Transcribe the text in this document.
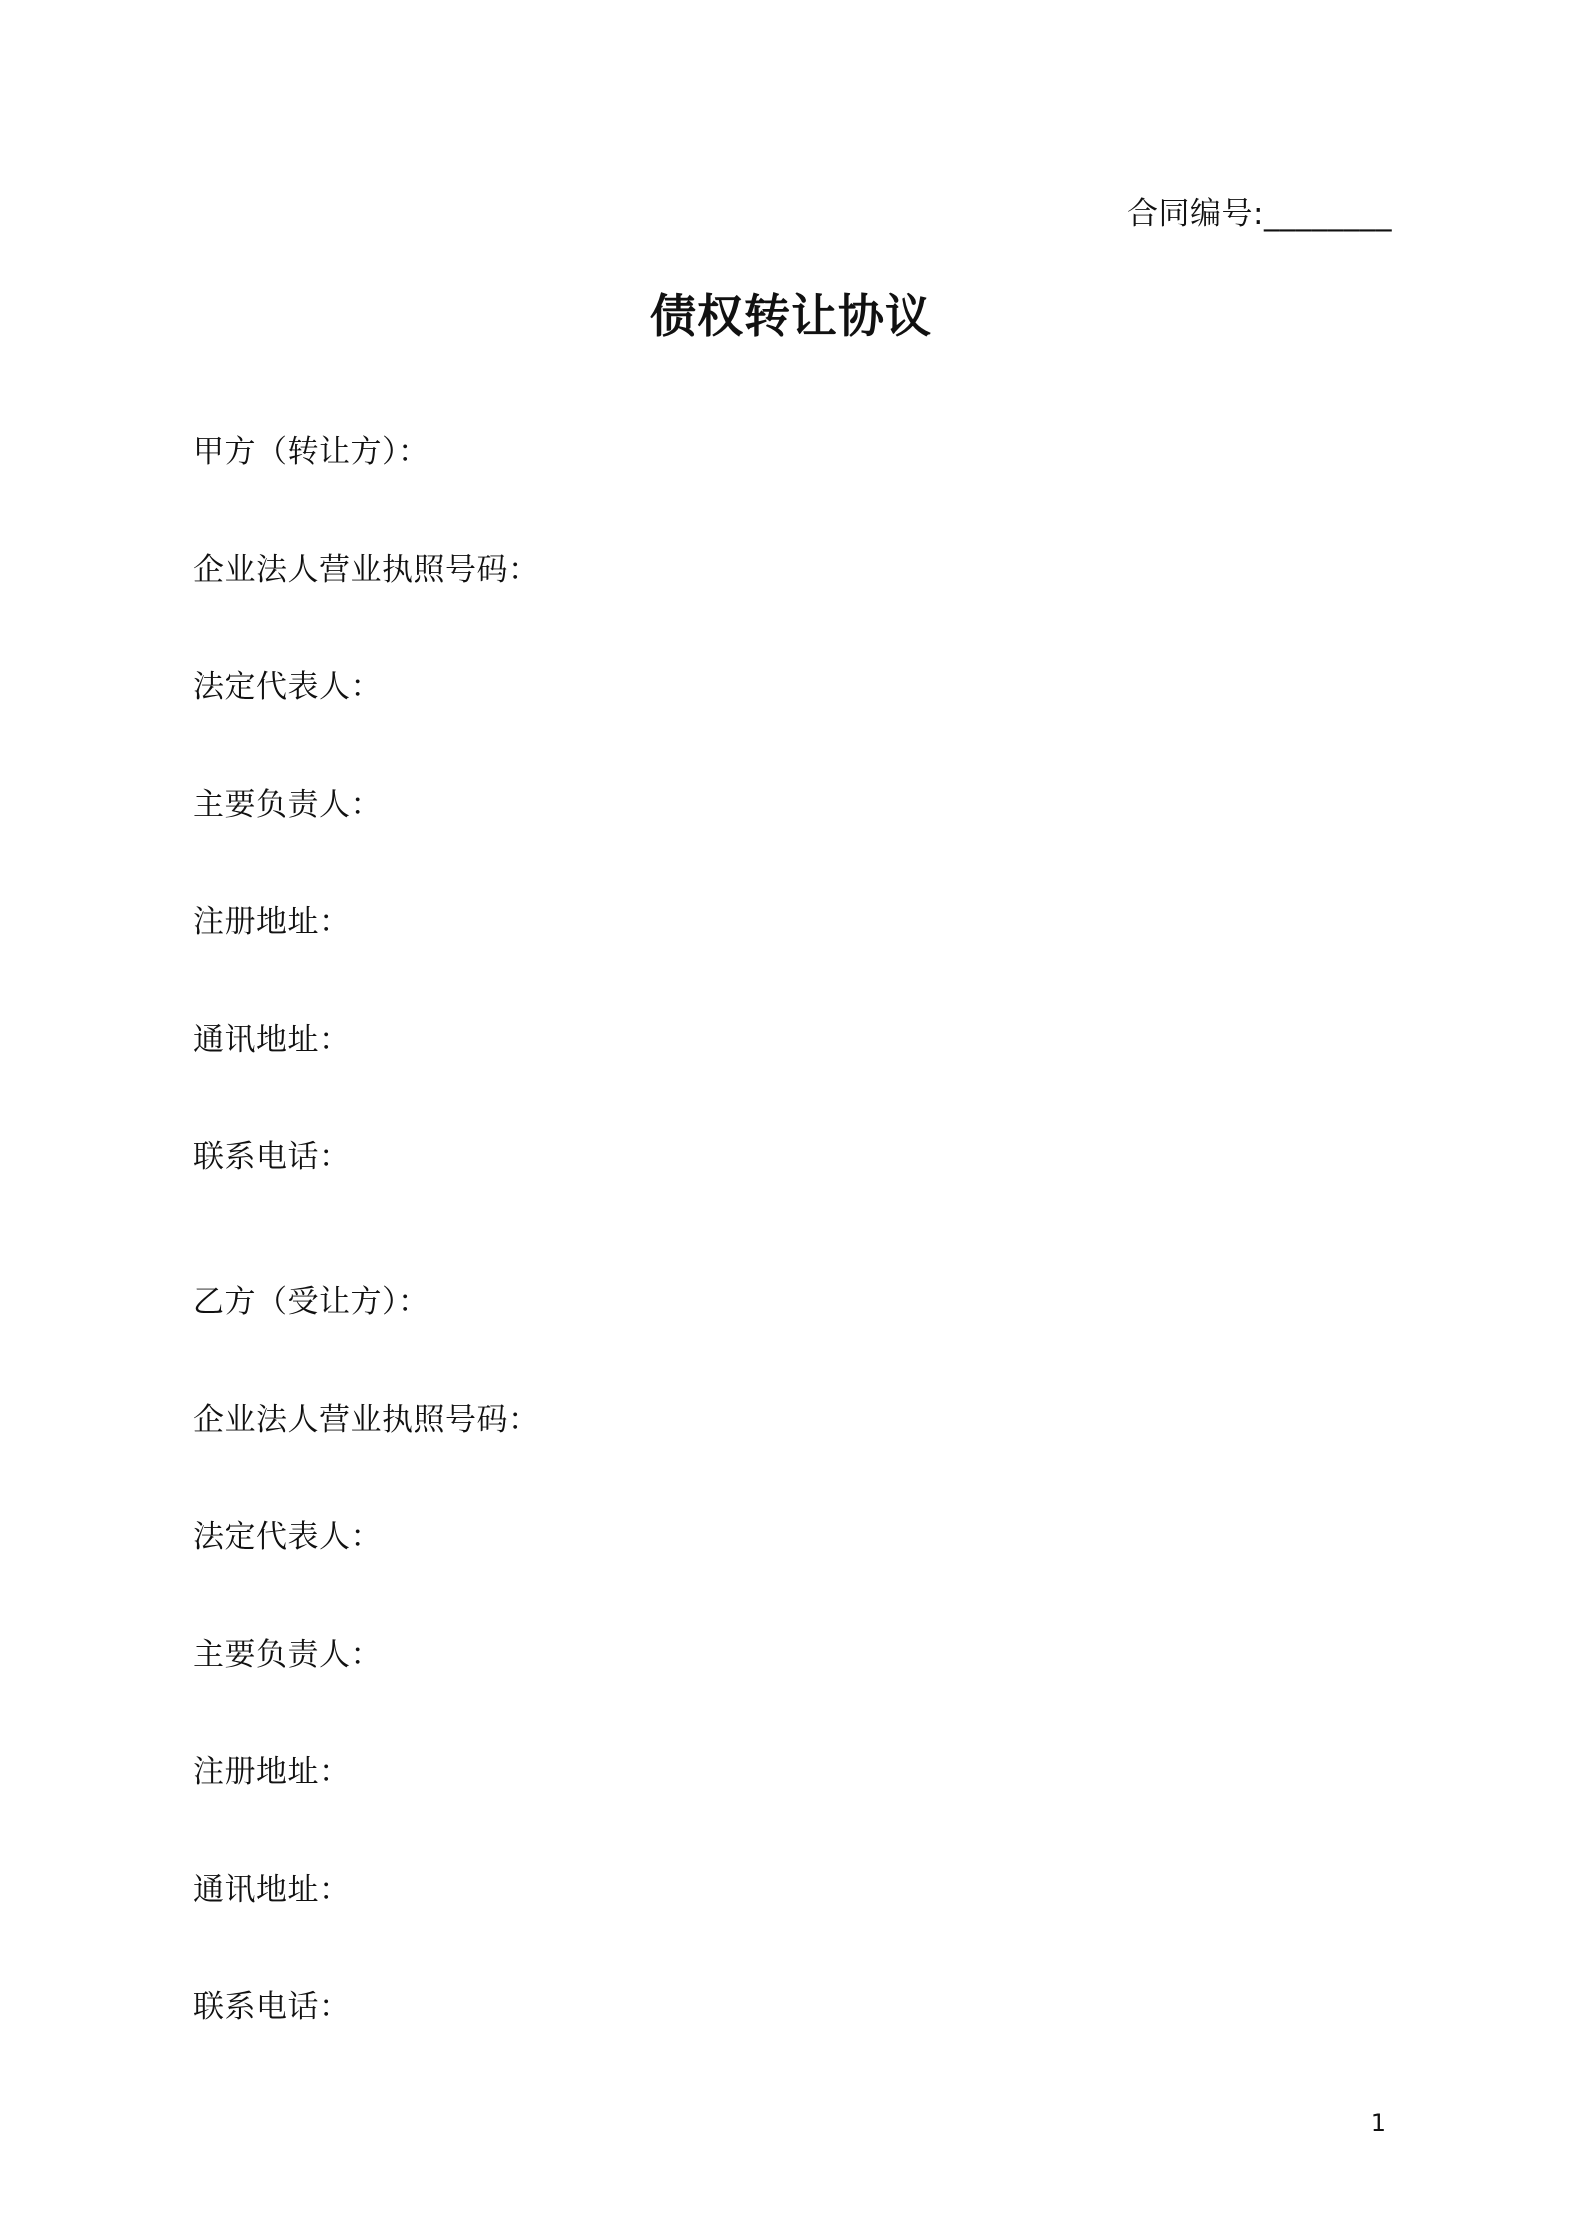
合同编号:________
债权转让协议
甲方（转让方）：
企业法人营业执照号码：
法定代表人：
主要负责人：
注册地址：
通讯地址：
联系电话：
乙方（受让方）：
企业法人营业执照号码：
法定代表人：
主要负责人：
注册地址：
通讯地址：
联系电话：
1
